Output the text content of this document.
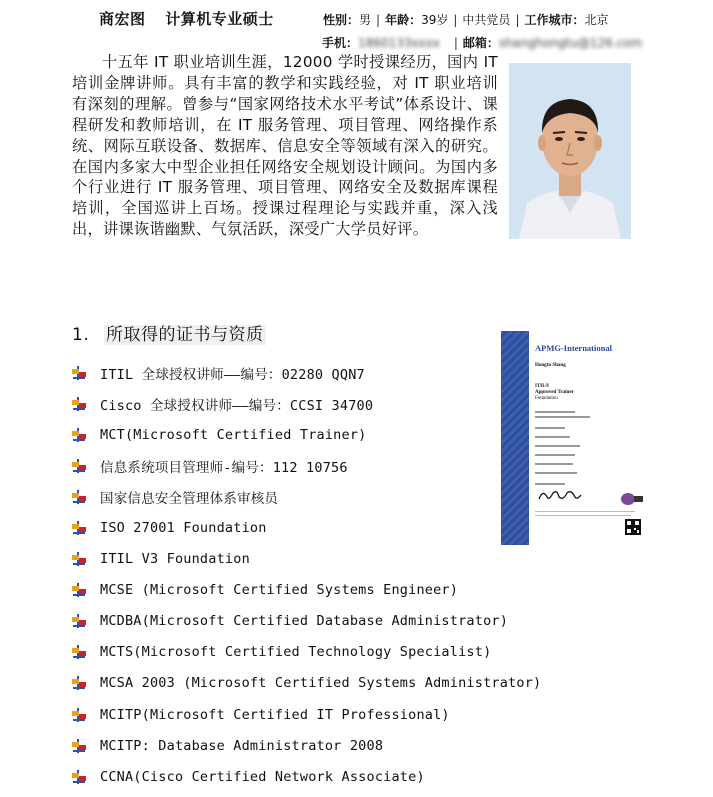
商宏图 计算机专业硕士	性别：男 | 年龄：39岁 | 中共党员 | 工作城市：北京
手机：1860133xxxx | 邮箱：shanghongtu@126.com
十五年 IT 职业培训生涯，12000 学时授课经历，国内 IT 培训金牌讲师。具有丰富的教学和实践经验，对 IT 职业培训有深刻的理解。曾参与“国家网络技术水平考试”体系设计、课程研发和教师培训，在 IT 服务管理、项目管理、网络操作系统、网际互联设备、数据库、信息安全等领域有深入的研究。在国内多家大中型企业担任网络安全规划设计顾问。为国内多个行业进行 IT 服务管理、项目管理、网络安全及数据库课程培训，全国巡讲上百场。授课过程理论与实践并重，深入浅出，讲课诙谐幽默、气氛活跃，深受广大学员好评。
1. 所取得的证书与资质
ITIL 全球授权讲师——编号：02280 QQN7
Cisco 全球授权讲师——编号：CCSI 34700
MCT(Microsoft Certified Trainer)
信息系统项目管理师-编号：112 10756
国家信息安全管理体系审核员
ISO 27001 Foundation
ITIL V3 Foundation
MCSE (Microsoft Certified Systems Engineer)
MCDBA(Microsoft Certified Database Administrator)
MCTS(Microsoft Certified Technology Specialist)
MCSA 2003 (Microsoft Certified Systems Administrator)
MCITP(Microsoft Certified IT Professional)
MCITP: Database Administrator 2008
CCNA(Cisco Certified Network Associate)
APMG-International
Hongtu Shang
ITIL®
Approved Trainer
Foundation
